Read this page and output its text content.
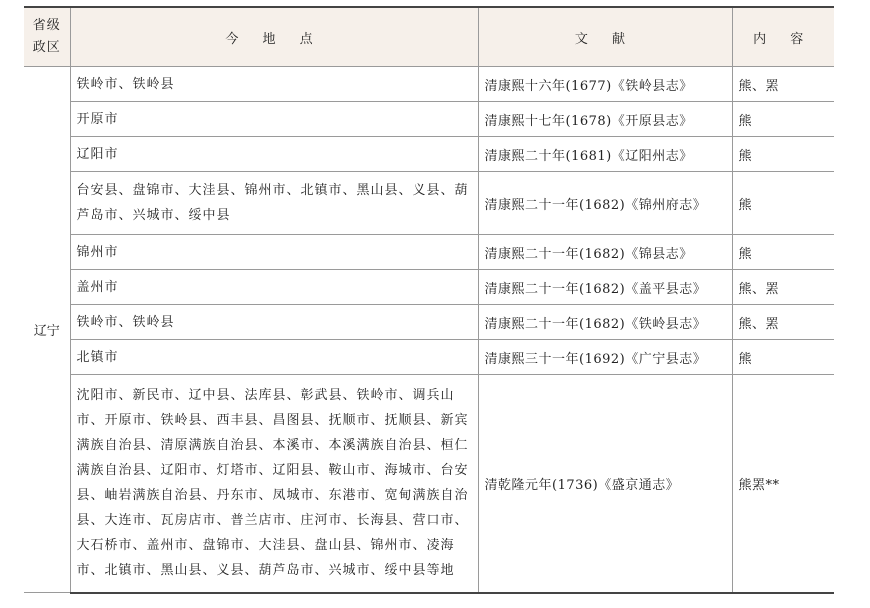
省级
政区	今 地 点	文 献	内 容
辽宁	铁岭市、铁岭县	清康熙十六年(1677)《铁岭县志》	熊、罴
	开原市	清康熙十七年(1678)《开原县志》	熊
	辽阳市	清康熙二十年(1681)《辽阳州志》	熊
	台安县、盘锦市、大洼县、锦州市、北镇市、黑山县、义县、葫芦岛市、兴城市、绥中县	清康熙二十一年(1682)《锦州府志》	熊
	锦州市	清康熙二十一年(1682)《锦县志》	熊
	盖州市	清康熙二十一年(1682)《盖平县志》	熊、罴
	铁岭市、铁岭县	清康熙二十一年(1682)《铁岭县志》	熊、罴
	北镇市	清康熙三十一年(1692)《广宁县志》	熊
	沈阳市、新民市、辽中县、法库县、彰武县、铁岭市、调兵山市、开原市、铁岭县、西丰县、昌图县、抚顺市、抚顺县、新宾满族自治县、清原满族自治县、本溪市、本溪满族自治县、桓仁满族自治县、辽阳市、灯塔市、辽阳县、鞍山市、海城市、台安县、岫岩满族自治县、丹东市、凤城市、东港市、宽甸满族自治县、大连市、瓦房店市、普兰店市、庄河市、长海县、营口市、大石桥市、盖州市、盘锦市、大洼县、盘山县、锦州市、凌海市、北镇市、黑山县、义县、葫芦岛市、兴城市、绥中县等地	清乾隆元年(1736)《盛京通志》	熊罴**
